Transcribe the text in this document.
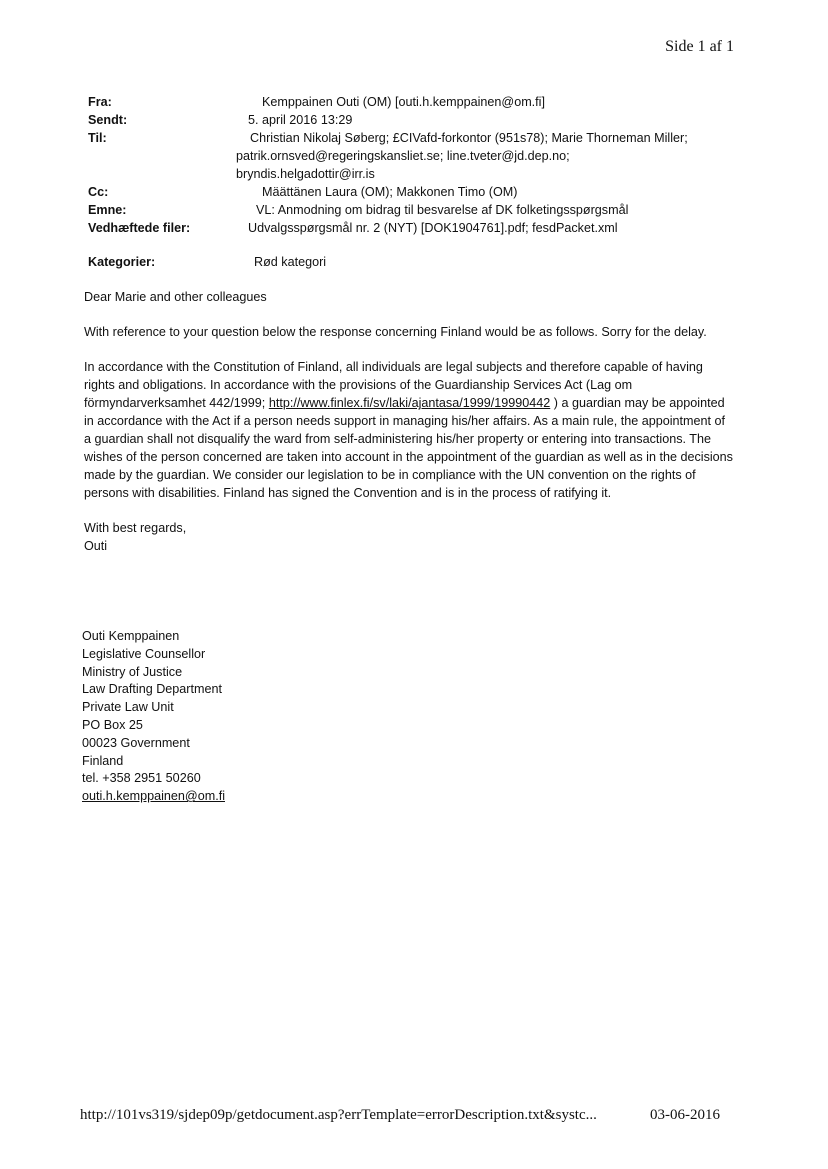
Side 1 af 1
Fra:	Kemppainen Outi (OM) [outi.h.kemppainen@om.fi]
Sendt:	5. april 2016 13:29
Til:	Christian Nikolaj Søberg; £CIVafd-forkontor (951s78); Marie Thorneman Miller;
patrik.ornsved@regeringskansliet.se; line.tveter@jd.dep.no;
bryndis.helgadottir@irr.is
Cc:	Määttänen Laura (OM); Makkonen Timo (OM)
Emne:	VL: Anmodning om bidrag til besvarelse af DK folketingsspørgsmål
Vedhæftede filer:	Udvalgsspørgsmål nr. 2 (NYT) [DOK1904761].pdf; fesdPacket.xml
Kategorier:	Rød kategori

Dear Marie and other colleagues

With reference to your question below the response concerning Finland would be as follows. Sorry for the delay.

In accordance with the Constitution of Finland, all individuals are legal subjects and therefore capable of having rights and obligations. In accordance with the provisions of the Guardianship Services Act (Lag om förmyndarverksamhet 442/1999; http://www.finlex.fi/sv/laki/ajantasa/1999/19990442 ) a guardian may be appointed in accordance with the Act if a person needs support in managing his/her affairs. As a main rule, the appointment of a guardian shall not disqualify the ward from self-administering his/her property or entering into transactions. The wishes of the person concerned are taken into account in the appointment of the guardian as well as in the decisions made by the guardian. We consider our legislation to be in compliance with the UN convention on the rights of persons with disabilities. Finland has signed the Convention and is in the process of ratifying it.

With best regards,

Outi

Outi Kemppainen
Legislative Counsellor
Ministry of Justice
Law Drafting Department
Private Law Unit
PO Box 25
00023 Government
Finland
tel. +358 2951 50260
outi.h.kemppainen@om.fi
http://101vs319/sjdep09p/getdocument.asp?errTemplate=errorDescription.txt&systc...	03-06-2016
